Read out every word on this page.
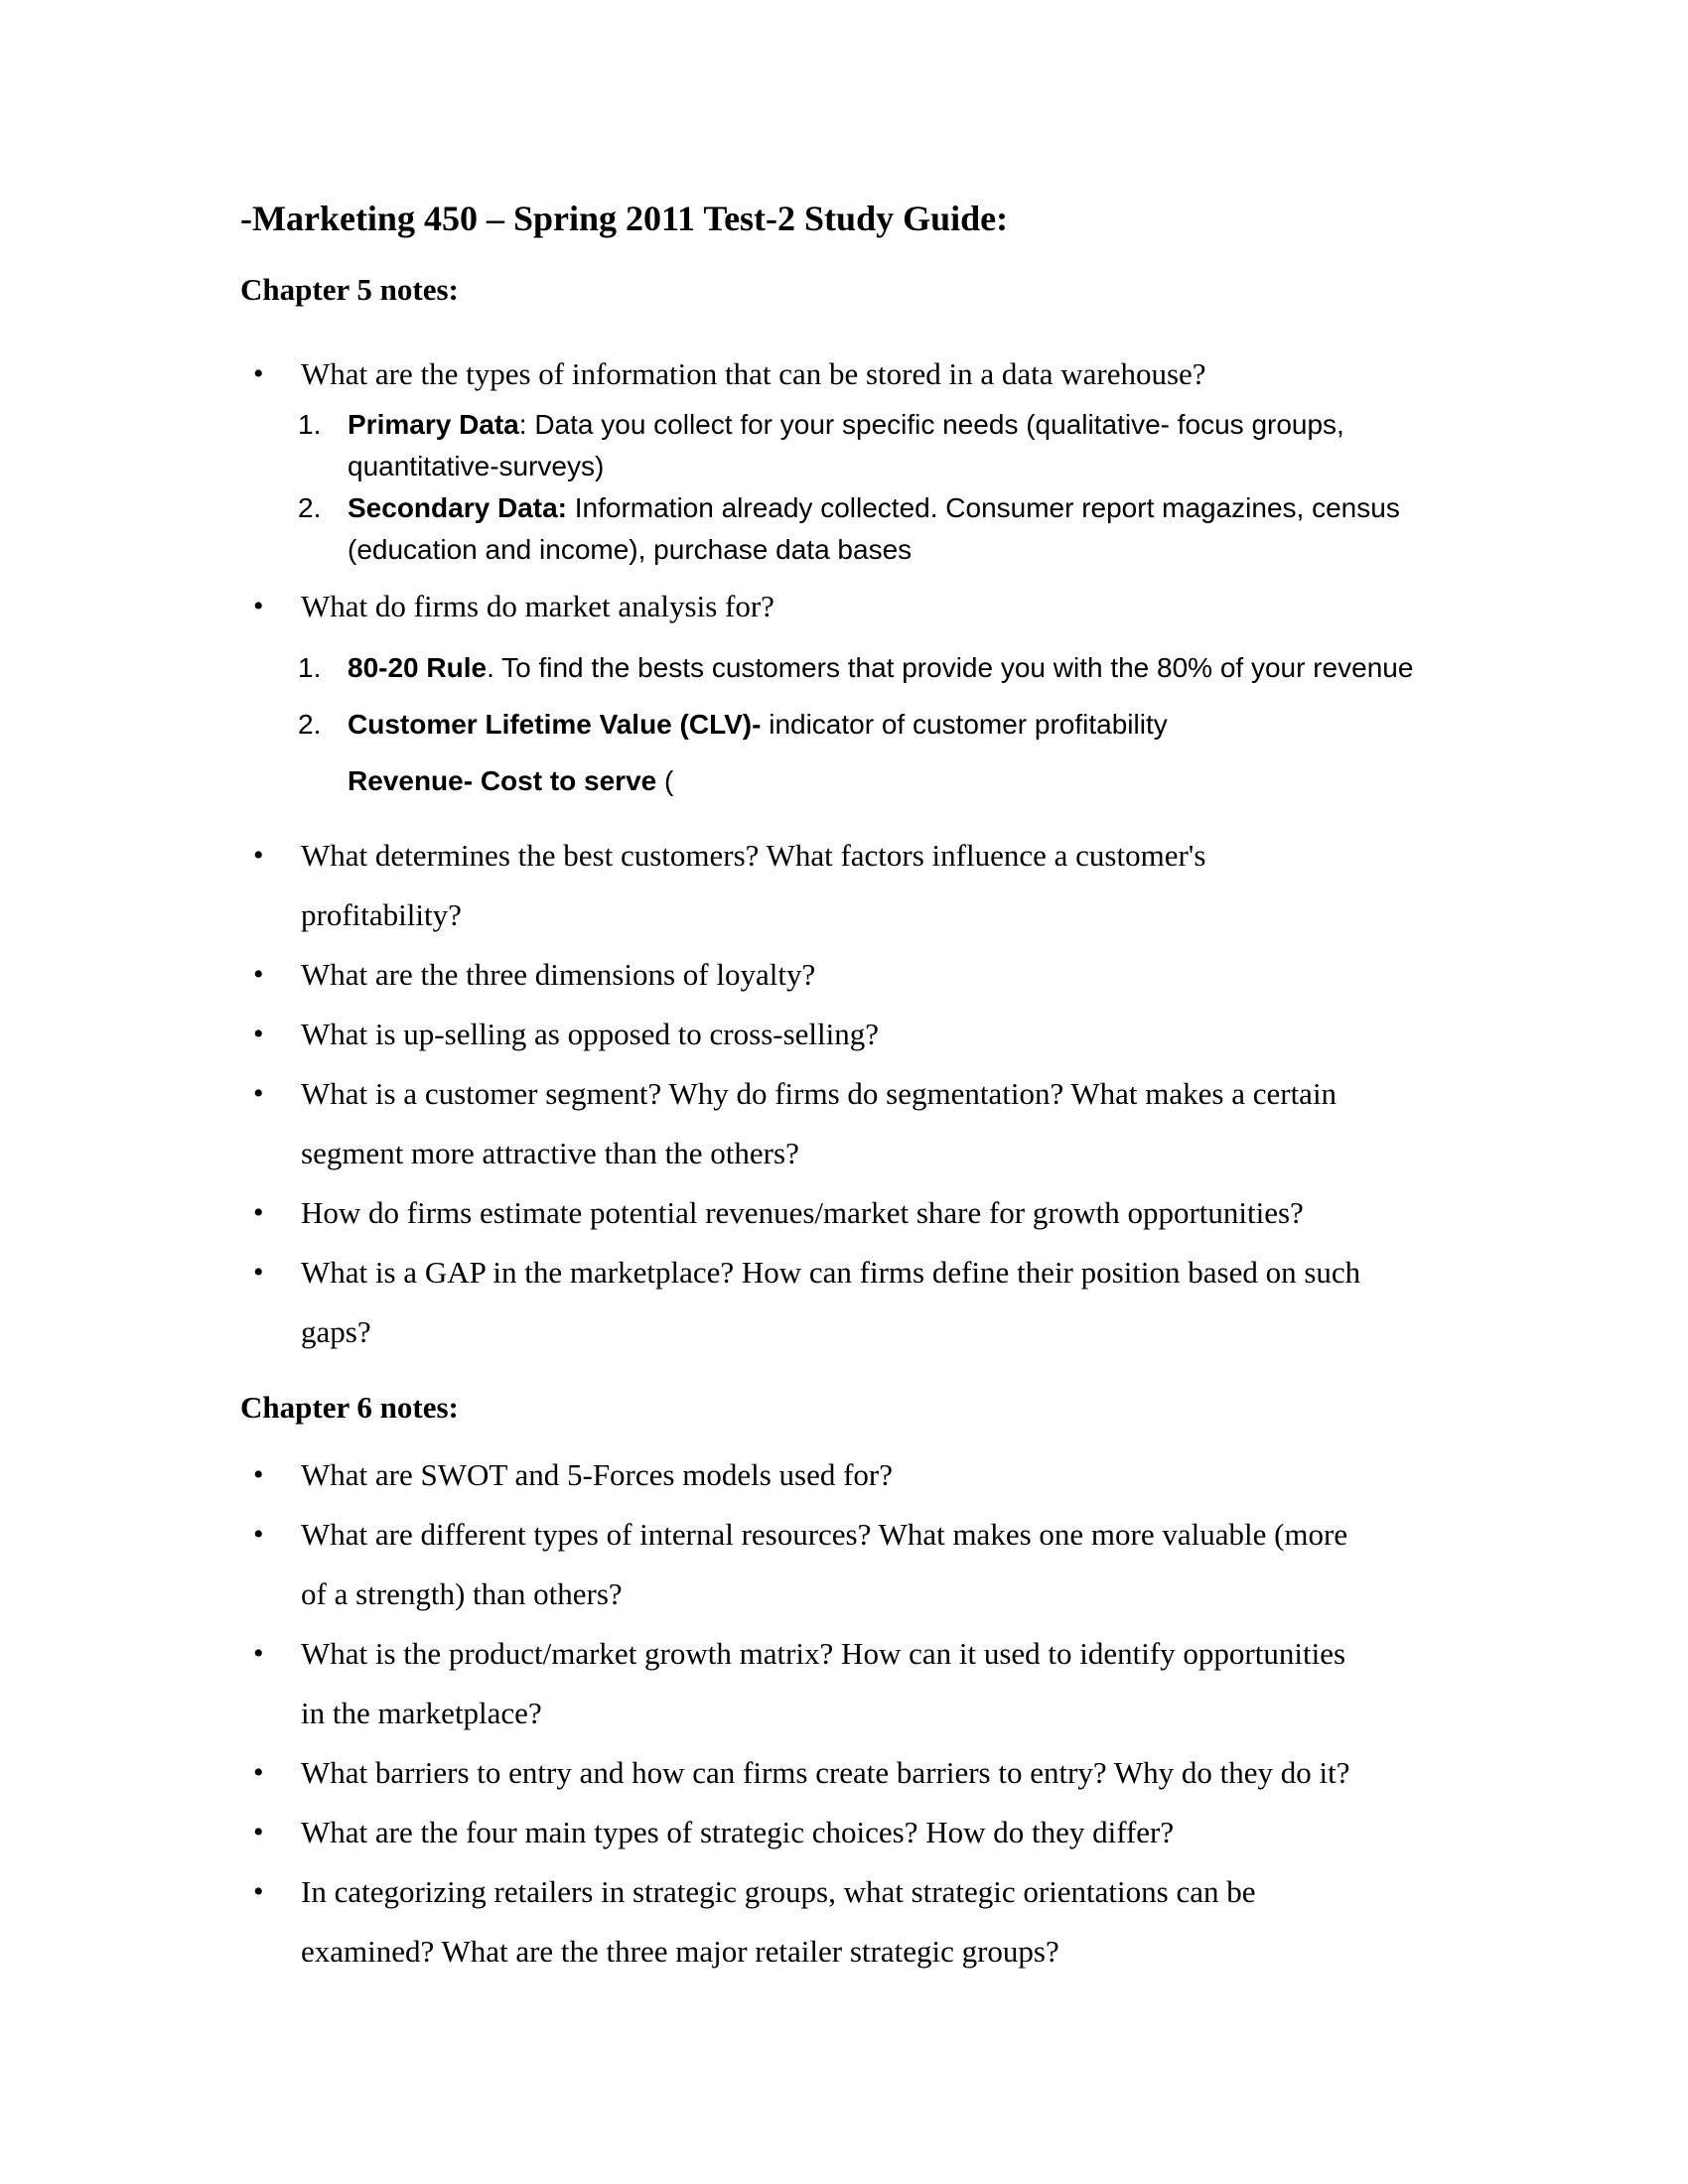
-Marketing 450 – Spring 2011 Test-2 Study Guide:
Chapter 5 notes:
• What are the types of information that can be stored in a data warehouse?
1. Primary Data: Data you collect for your specific needs (qualitative- focus groups,
quantitative-surveys)
2. Secondary Data: Information already collected. Consumer report magazines, census
(education and income), purchase data bases
• What do firms do market analysis for?
1. 80-20 Rule. To find the bests customers that provide you with the 80% of your revenue
2. Customer Lifetime Value (CLV)- indicator of customer profitability
Revenue- Cost to serve (
• What determines the best customers? What factors influence a customer's
profitability?
• What are the three dimensions of loyalty?
• What is up-selling as opposed to cross-selling?
• What is a customer segment? Why do firms do segmentation? What makes a certain
segment more attractive than the others?
• How do firms estimate potential revenues/market share for growth opportunities?
• What is a GAP in the marketplace? How can firms define their position based on such
gaps?
Chapter 6 notes:
• What are SWOT and 5-Forces models used for?
• What are different types of internal resources? What makes one more valuable (more
of a strength) than others?
• What is the product/market growth matrix? How can it used to identify opportunities
in the marketplace?
• What barriers to entry and how can firms create barriers to entry? Why do they do it?
• What are the four main types of strategic choices? How do they differ?
• In categorizing retailers in strategic groups, what strategic orientations can be
examined? What are the three major retailer strategic groups?
